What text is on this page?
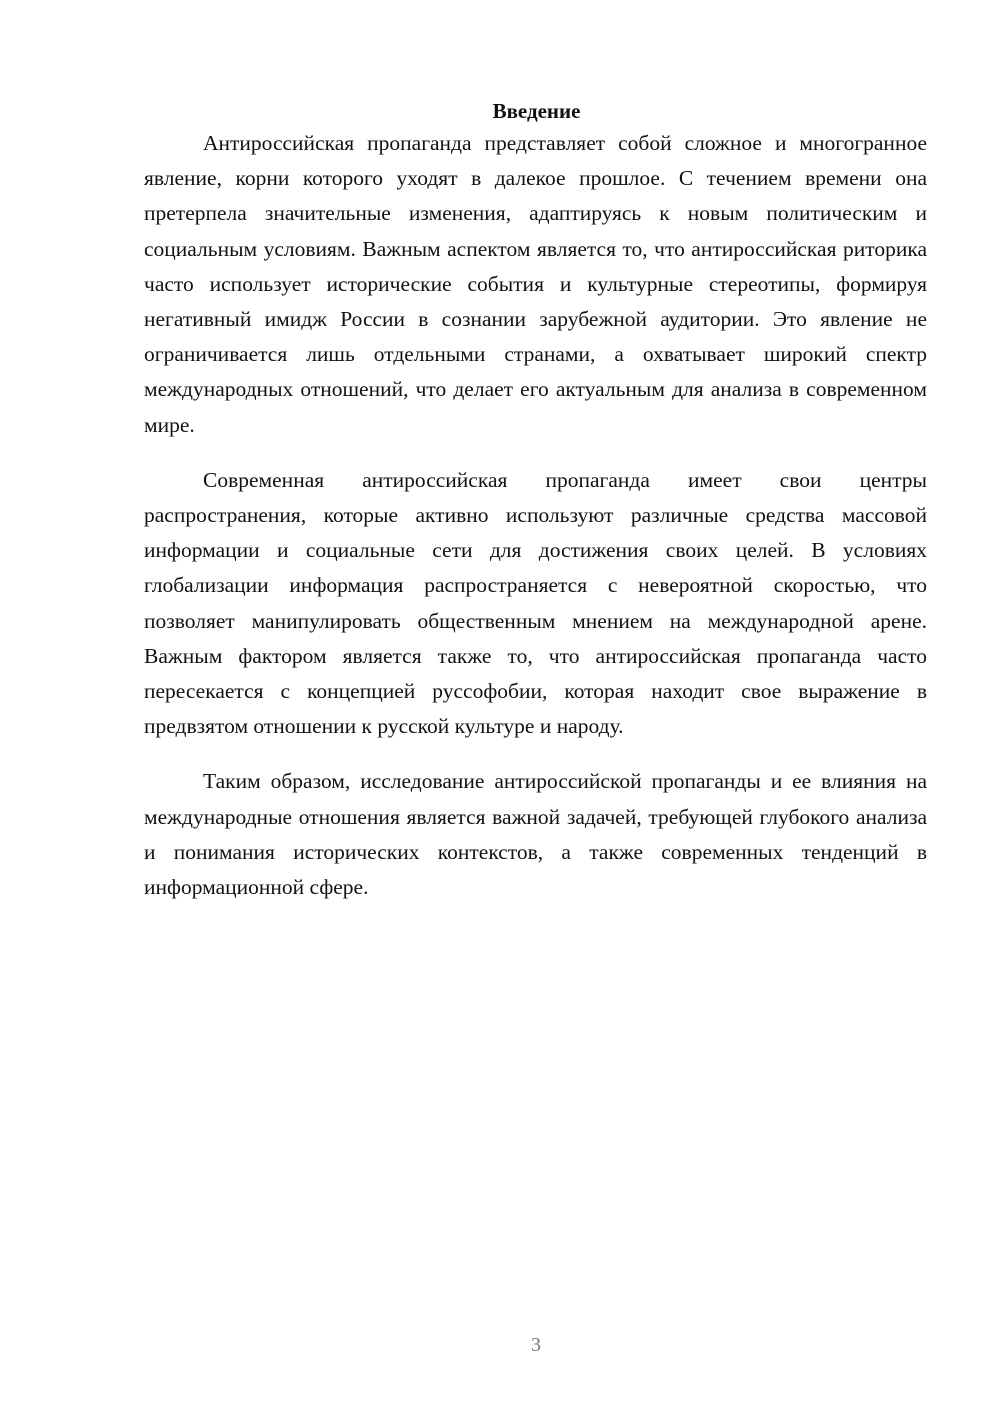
Введение

Антироссийская пропаганда представляет собой сложное и многогранное явление, корни которого уходят в далекое прошлое. С течением времени она претерпела значительные изменения, адаптируясь к новым политическим и социальным условиям. Важным аспектом является то, что антироссийская риторика часто использует исторические события и культурные стереотипы, формируя негативный имидж России в сознании зарубежной аудитории. Это явление не ограничивается лишь отдельными странами, а охватывает широкий спектр международных отношений, что делает его актуальным для анализа в современном мире.

Современная антироссийская пропаганда имеет свои центры распространения, которые активно используют различные средства массовой информации и социальные сети для достижения своих целей. В условиях глобализации информация распространяется с невероятной скоростью, что позволяет манипулировать общественным мнением на международной арене. Важным фактором является также то, что антироссийская пропаганда часто пересекается с концепцией руссофобии, которая находит свое выражение в предвзятом отношении к русской культуре и народу.

Таким образом, исследование антироссийской пропаганды и ее влияния на международные отношения является важной задачей, требующей глубокого анализа и понимания исторических контекстов, а также современных тенденций в информационной сфере.

3
